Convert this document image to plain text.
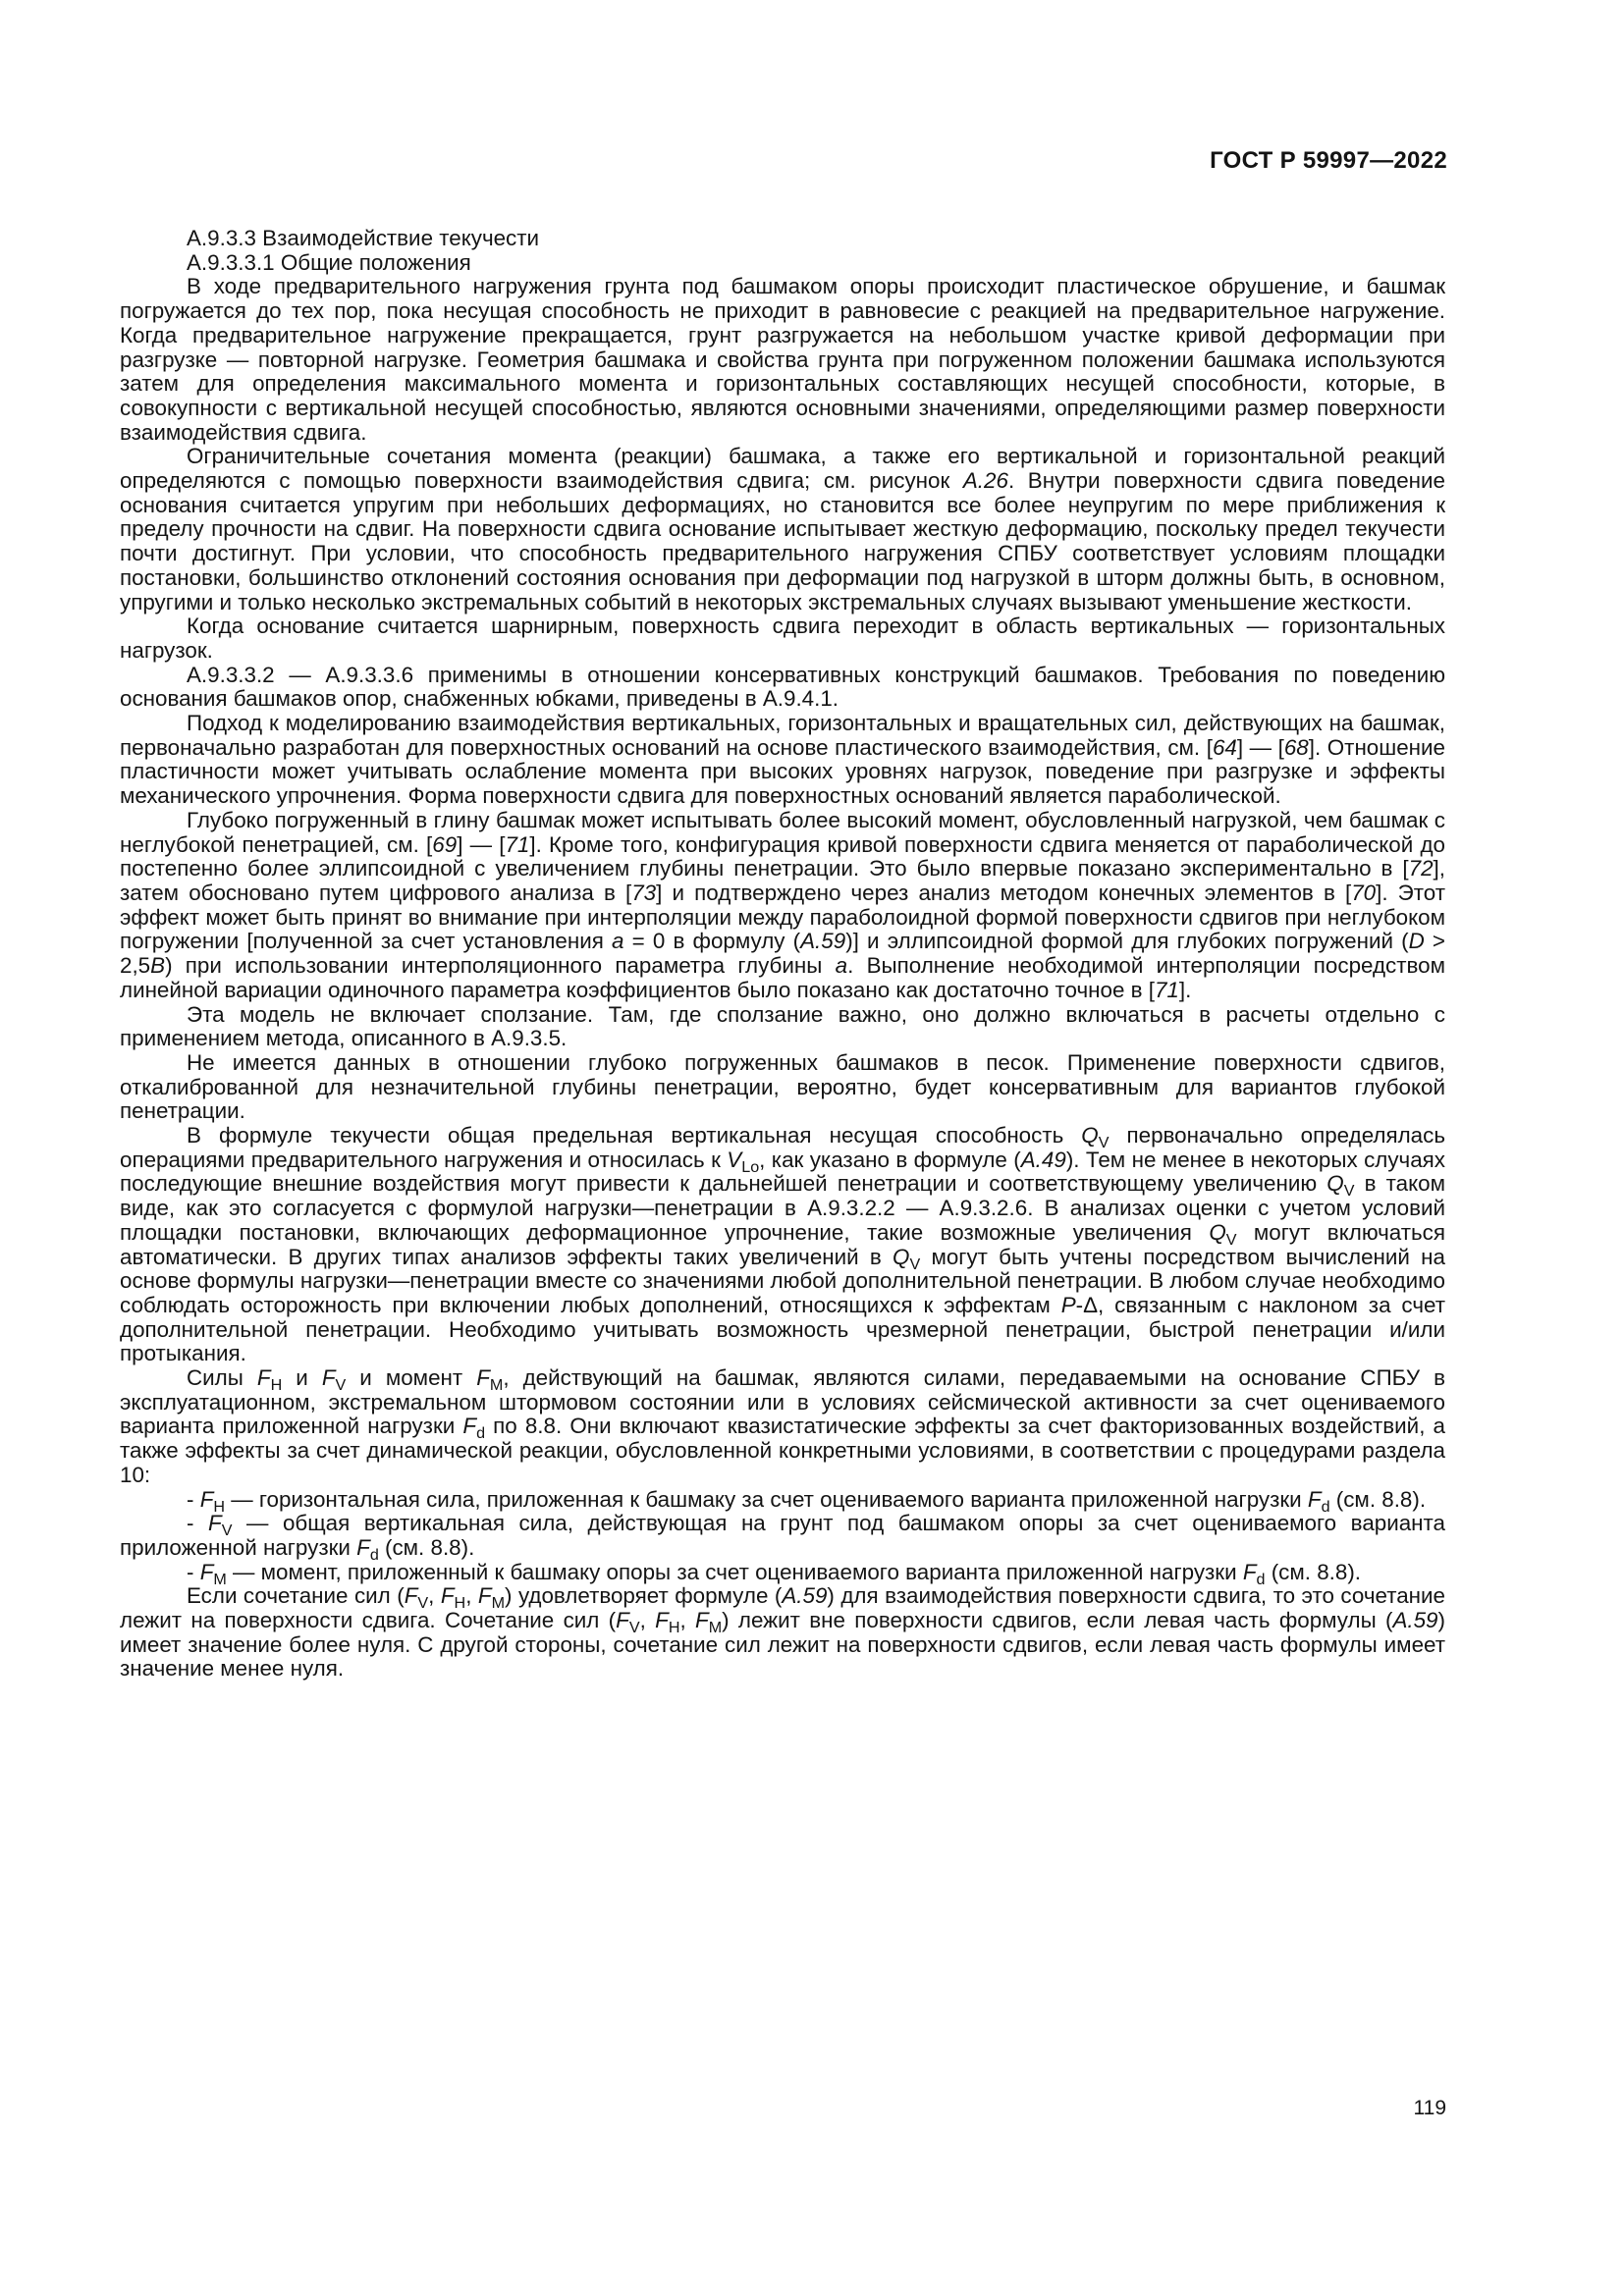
ГОСТ Р 59997—2022

А.9.3.3 Взаимодействие текучести

А.9.3.3.1 Общие положения

В ходе предварительного нагружения грунта под башмаком опоры происходит пластическое обрушение, и башмак погружается до тех пор, пока несущая способность не приходит в равновесие с реакцией на предварительное нагружение. Когда предварительное нагружение прекращается, грунт разгружается на небольшом участке кривой деформации при разгрузке — повторной нагрузке. Геометрия башмака и свойства грунта при погруженном положении башмака используются затем для определения максимального момента и горизонтальных составляющих несущей способности, которые, в совокупности с вертикальной несущей способностью, являются основными значениями, определяющими размер поверхности взаимодействия сдвига.

Ограничительные сочетания момента (реакции) башмака, а также его вертикальной и горизонтальной реакций определяются с помощью поверхности взаимодействия сдвига; см. рисунок А.26. Внутри поверхности сдвига поведение основания считается упругим при небольших деформациях, но становится все более неупругим по мере приближения к пределу прочности на сдвиг. На поверхности сдвига основание испытывает жесткую деформацию, поскольку предел текучести почти достигнут. При условии, что способность предварительного нагружения СПБУ соответствует условиям площадки постановки, большинство отклонений состояния основания при деформации под нагрузкой в шторм должны быть, в основном, упругими и только несколько экстремальных событий в некоторых экстремальных случаях вызывают уменьшение жесткости.

Когда основание считается шарнирным, поверхность сдвига переходит в область вертикальных — горизонтальных нагрузок.

А.9.3.3.2 — А.9.3.3.6 применимы в отношении консервативных конструкций башмаков. Требования по поведению основания башмаков опор, снабженных юбками, приведены в А.9.4.1.

Подход к моделированию взаимодействия вертикальных, горизонтальных и вращательных сил, действующих на башмак, первоначально разработан для поверхностных оснований на основе пластического взаимодействия, см. [64] — [68]. Отношение пластичности может учитывать ослабление момента при высоких уровнях нагрузок, поведение при разгрузке и эффекты механического упрочнения. Форма поверхности сдвига для поверхностных оснований является параболической.

Глубоко погруженный в глину башмак может испытывать более высокий момент, обусловленный нагрузкой, чем башмак с неглубокой пенетрацией, см. [69] — [71]. Кроме того, конфигурация кривой поверхности сдвига меняется от параболической до постепенно более эллипсоидной с увеличением глубины пенетрации. Это было впервые показано экспериментально в [72], затем обосновано путем цифрового анализа в [73] и подтверждено через анализ методом конечных элементов в [70]. Этот эффект может быть принят во внимание при интерполяции между параболоидной формой поверхности сдвигов при неглубоком погружении [полученной за счет установления а = 0 в формулу (А.59)] и эллипсоидной формой для глубоких погружений (D > 2,5В) при использовании интерполяционного параметра глубины а. Выполнение необходимой интерполяции посредством линейной вариации одиночного параметра коэффициентов было показано как достаточно точное в [71].

Эта модель не включает сползание. Там, где сползание важно, оно должно включаться в расчеты отдельно с применением метода, описанного в А.9.3.5.

Не имеется данных в отношении глубоко погруженных башмаков в песок. Применение поверхности сдвигов, откалиброванной для незначительной глубины пенетрации, вероятно, будет консервативным для вариантов глубокой пенетрации.

В формуле текучести общая предельная вертикальная несущая способность $Q_V$ первоначально определялась операциями предварительного нагружения и относилась к $V_{Lo}$, как указано в формуле (А.49). Тем не менее в некоторых случаях последующие внешние воздействия могут привести к дальнейшей пенетрации и соответствующему увеличению $Q_V$ в таком виде, как это согласуется с формулой нагрузки—пенетрации в А.9.3.2.2 — А.9.3.2.6. В анализах оценки с учетом условий площадки постановки, включающих деформационное упрочнение, такие возможные увеличения $Q_V$ могут включаться автоматически. В других типах анализов эффекты таких увеличений в $Q_V$ могут быть учтены посредством вычислений на основе формулы нагрузки—пенетрации вместе со значениями любой дополнительной пенетрации. В любом случае необходимо соблюдать осторожность при включении любых дополнений, относящихся к эффектам Р-Δ, связанным с наклоном за счет дополнительной пенетрации. Необходимо учитывать возможность чрезмерной пенетрации, быстрой пенетрации и/или протыкания.

Силы $F_H$ и $F_V$ и момент $F_M$, действующий на башмак, являются силами, передаваемыми на основание СПБУ в эксплуатационном, экстремальном штормовом состоянии или в условиях сейсмической активности за счет оцениваемого варианта приложенной нагрузки $F_d$ по 8.8. Они включают квазистатические эффекты за счет факторизованных воздействий, а также эффекты за счет динамической реакции, обусловленной конкретными условиями, в соответствии с процедурами раздела 10:

- $F_H$ — горизонтальная сила, приложенная к башмаку за счет оцениваемого варианта приложенной нагрузки $F_d$ (см. 8.8).

- $F_V$ — общая вертикальная сила, действующая на грунт под башмаком опоры за счет оцениваемого варианта приложенной нагрузки $F_d$ (см. 8.8).

- $F_M$ — момент, приложенный к башмаку опоры за счет оцениваемого варианта приложенной нагрузки $F_d$ (см. 8.8).

Если сочетание сил ($F_V$, $F_H$, $F_M$) удовлетворяет формуле (А.59) для взаимодействия поверхности сдвига, то это сочетание лежит на поверхности сдвига. Сочетание сил ($F_V$, $F_H$, $F_M$) лежит вне поверхности сдвигов, если левая часть формулы (А.59) имеет значение более нуля. С другой стороны, сочетание сил лежит на поверхности сдвигов, если левая часть формулы имеет значение менее нуля.

119
